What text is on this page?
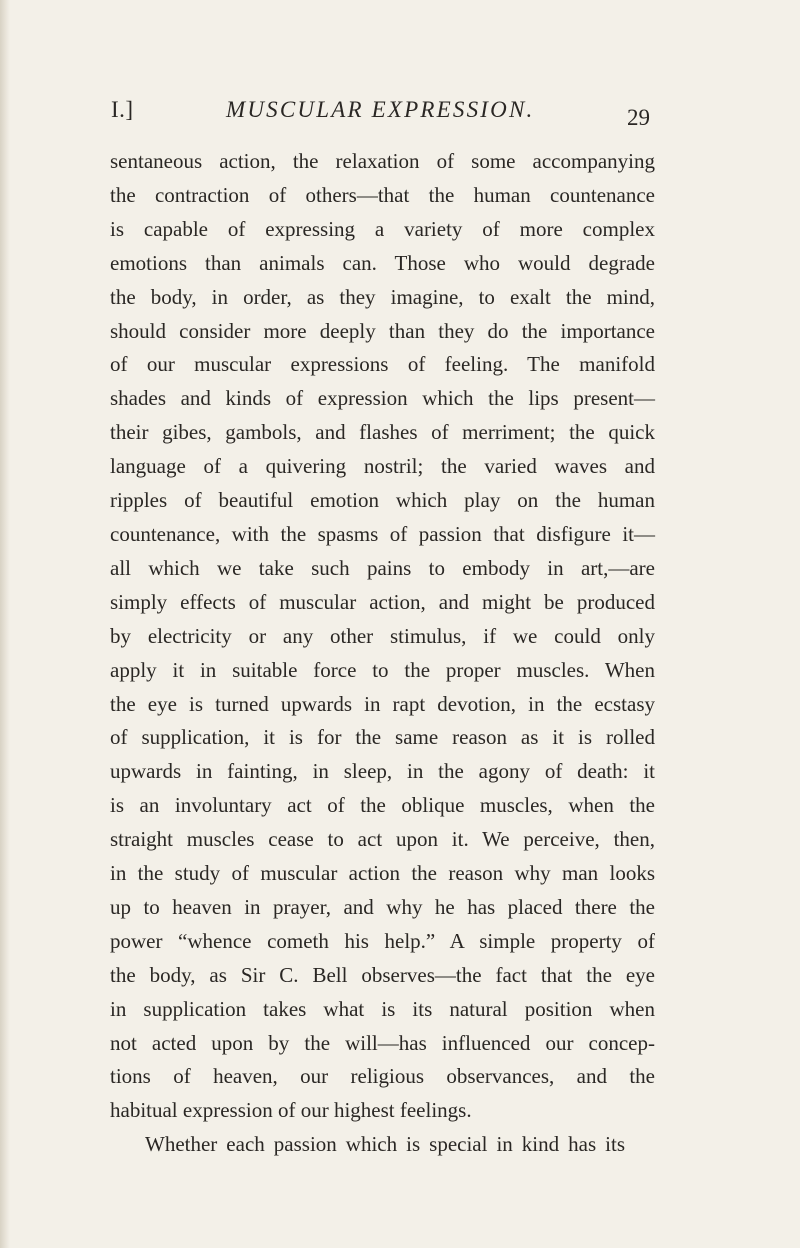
I.]	MUSCULAR EXPRESSION.	29
sentaneous action, the relaxation of some accompanying
the contraction of others—that the human countenance
is capable of expressing a variety of more complex
emotions than animals can. Those who would degrade
the body, in order, as they imagine, to exalt the mind,
should consider more deeply than they do the importance
of our muscular expressions of feeling. The manifold
shades and kinds of expression which the lips present—
their gibes, gambols, and flashes of merriment; the quick
language of a quivering nostril; the varied waves and
ripples of beautiful emotion which play on the human
countenance, with the spasms of passion that disfigure it—
all which we take such pains to embody in art,—are
simply effects of muscular action, and might be produced
by electricity or any other stimulus, if we could only
apply it in suitable force to the proper muscles. When
the eye is turned upwards in rapt devotion, in the ecstasy
of supplication, it is for the same reason as it is rolled
upwards in fainting, in sleep, in the agony of death: it
is an involuntary act of the oblique muscles, when the
straight muscles cease to act upon it. We perceive, then,
in the study of muscular action the reason why man looks
up to heaven in prayer, and why he has placed there the
power “whence cometh his help.” A simple property of
the body, as Sir C. Bell observes—the fact that the eye
in supplication takes what is its natural position when
not acted upon by the will—has influenced our concep-
tions of heaven, our religious observances, and the
habitual expression of our highest feelings.
Whether each passion which is special in kind has its
